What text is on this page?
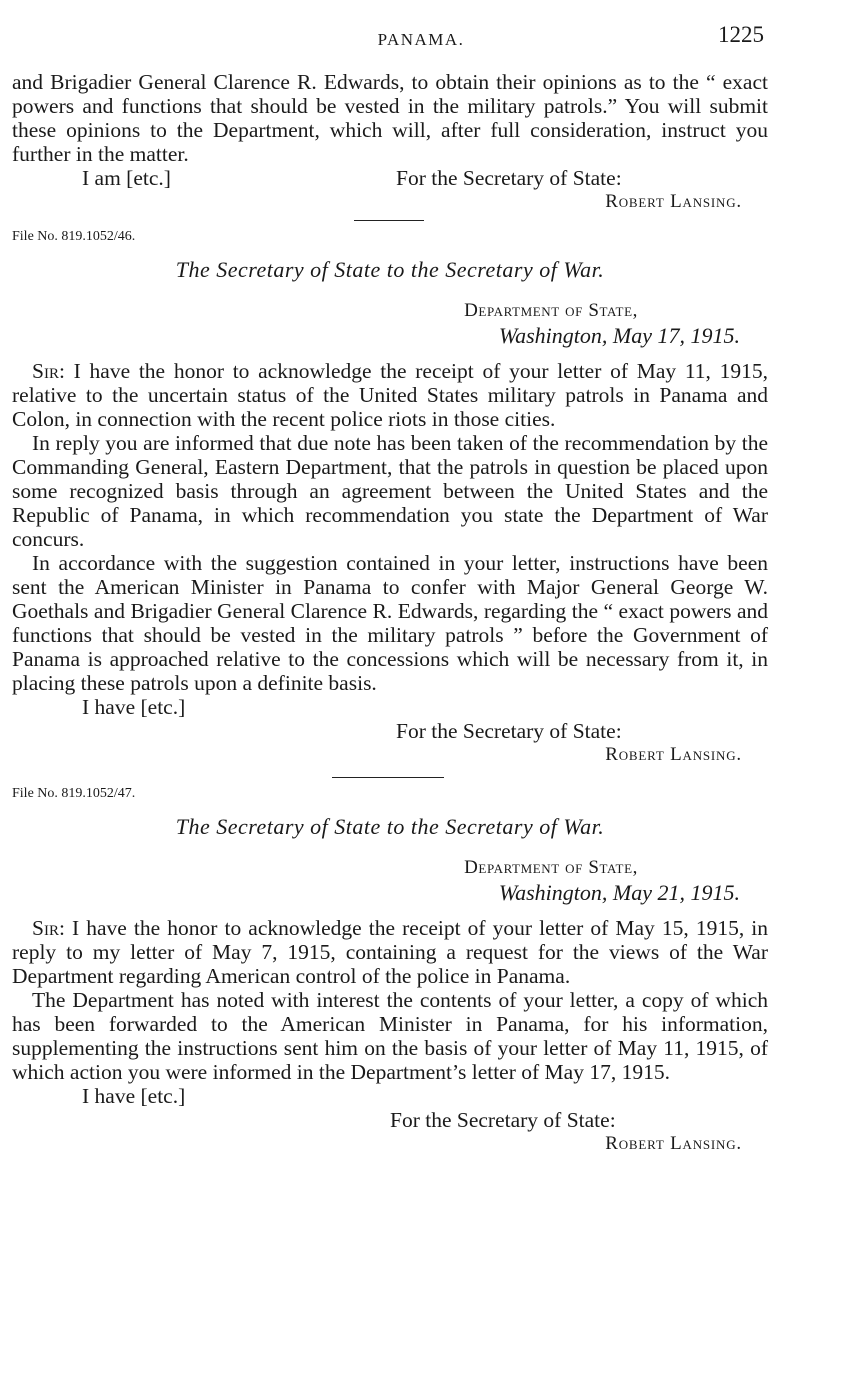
PANAMA.	1225

and Brigadier General Clarence R. Edwards, to obtain their opinions as to the “ exact powers and functions that should be vested in the military patrols.” You will submit these opinions to the Department, which will, after full consideration, instruct you further in the matter.

I am [etc.]	For the Secretary of State:
Robert Lansing.

File No. 819.1052/46.

The Secretary of State to the Secretary of War.
Department of State,
Washington, May 17, 1915.

Sir: I have the honor to acknowledge the receipt of your letter of May 11, 1915, relative to the uncertain status of the United States military patrols in Panama and Colon, in connection with the recent police riots in those cities.

In reply you are informed that due note has been taken of the recommendation by the Commanding General, Eastern Department, that the patrols in question be placed upon some recognized basis through an agreement between the United States and the Republic of Panama, in which recommendation you state the Department of War concurs.

In accordance with the suggestion contained in your letter, instructions have been sent the American Minister in Panama to confer with Major General George W. Goethals and Brigadier General Clarence R. Edwards, regarding the “ exact powers and functions that should be vested in the military patrols ” before the Government of Panama is approached relative to the concessions which will be necessary from it, in placing these patrols upon a definite basis.

I have [etc.]
For the Secretary of State:
Robert Lansing.

File No. 819.1052/47.

The Secretary of State to the Secretary of War.
Department of State,
Washington, May 21, 1915.

Sir: I have the honor to acknowledge the receipt of your letter of May 15, 1915, in reply to my letter of May 7, 1915, containing a request for the views of the War Department regarding American control of the police in Panama.

The Department has noted with interest the contents of your letter, a copy of which has been forwarded to the American Minister in Panama, for his information, supplementing the instructions sent him on the basis of your letter of May 11, 1915, of which action you were informed in the Department’s letter of May 17, 1915.

I have [etc.]
For the Secretary of State:
Robert Lansing.
